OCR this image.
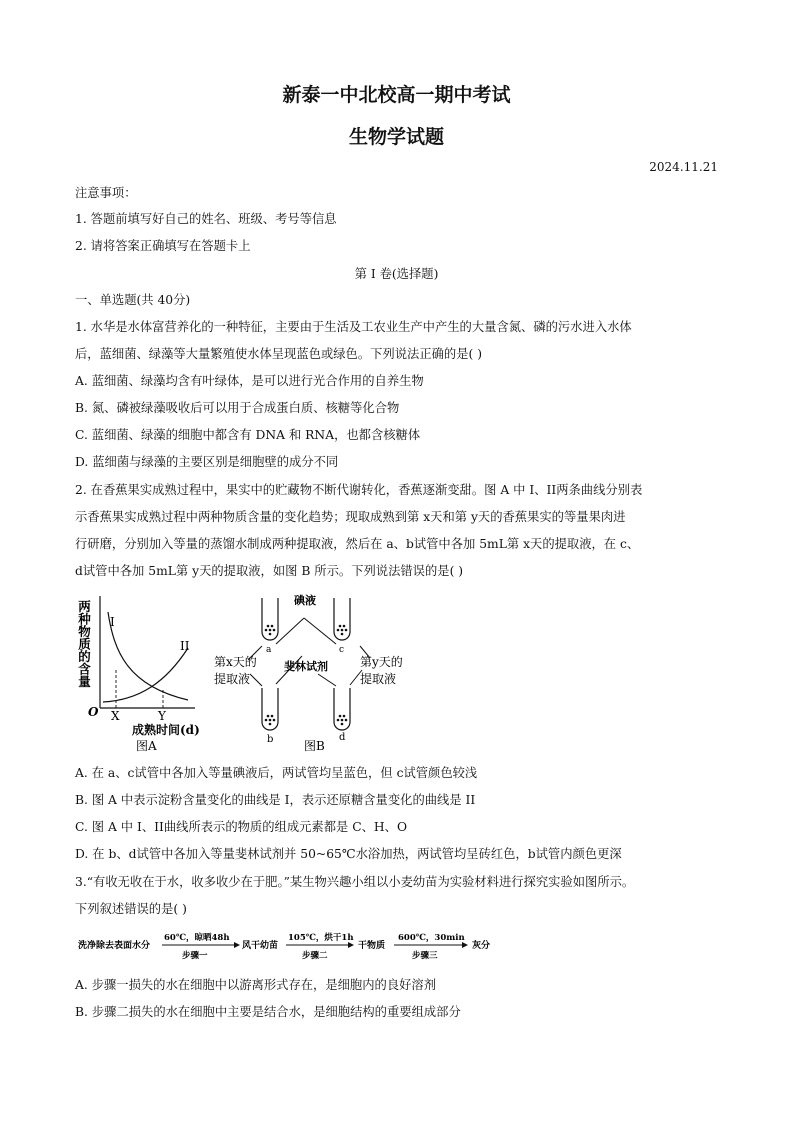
新泰一中北校高一期中考试
生物学试题
2024.11.21
注意事项：
1. 答题前填写好自己的姓名、班级、考号等信息
2. 请将答案正确填写在答题卡上
第 I 卷(选择题)
一、单选题(共 40分)
1. 水华是水体富营养化的一种特征，主要由于生活及工农业生产中产生的大量含氮、磷的污水进入水体
后，蓝细菌、绿藻等大量繁殖使水体呈现蓝色或绿色。下列说法正确的是( )
A. 蓝细菌、绿藻均含有叶绿体，是可以进行光合作用的自养生物
B. 氮、磷被绿藻吸收后可以用于合成蛋白质、核糖等化合物
C. 蓝细菌、绿藻的细胞中都含有 DNA 和 RNA，也都含核糖体
D. 蓝细菌与绿藻的主要区别是细胞壁的成分不同
2. 在香蕉果实成熟过程中，果实中的贮藏物不断代谢转化，香蕉逐渐变甜。图 A 中 I、II两条曲线分别表
示香蕉果实成熟过程中两种物质含量的变化趋势；现取成熟到第 x天和第 y天的香蕉果实的等量果肉进
行研磨，分别加入等量的蒸馏水制成两种提取液，然后在 a、b试管中各加 5mL第 x天的提取液，在 c、
d试管中各加 5mL第 y天的提取液，如图 B 所示。下列说法错误的是( )
两种物质的含量 I
II
O X	Y
成熟时间(d)
图A
碘液
a	c
斐林试剂
第x天的
提取液
第y天的
提取液
b	d
图B
A. 在 a、c试管中各加入等量碘液后，两试管均呈蓝色，但 c试管颜色较浅
B. 图 A 中表示淀粉含量变化的曲线是 I，表示还原糖含量变化的曲线是 II
C. 图 A 中 I、II曲线所表示的物质的组成元素都是 C、H、O
D. 在 b、d试管中各加入等量斐林试剂并 50~65℃水浴加热，两试管均呈砖红色，b试管内颜色更深
3.“有收无收在于水，收多收少在于肥。”某生物兴趣小组以小麦幼苗为实验材料进行探究实验如图所示。
下列叙述错误的是( )
洗净除去表面水分
60℃，晾晒48h
步骤一
风干幼苗
105℃，烘干1h
步骤二
干物质
600℃，30min
步骤三
灰分
A. 步骤一损失的水在细胞中以游离形式存在，是细胞内的良好溶剂
B. 步骤二损失的水在细胞中主要是结合水，是细胞结构的重要组成部分
